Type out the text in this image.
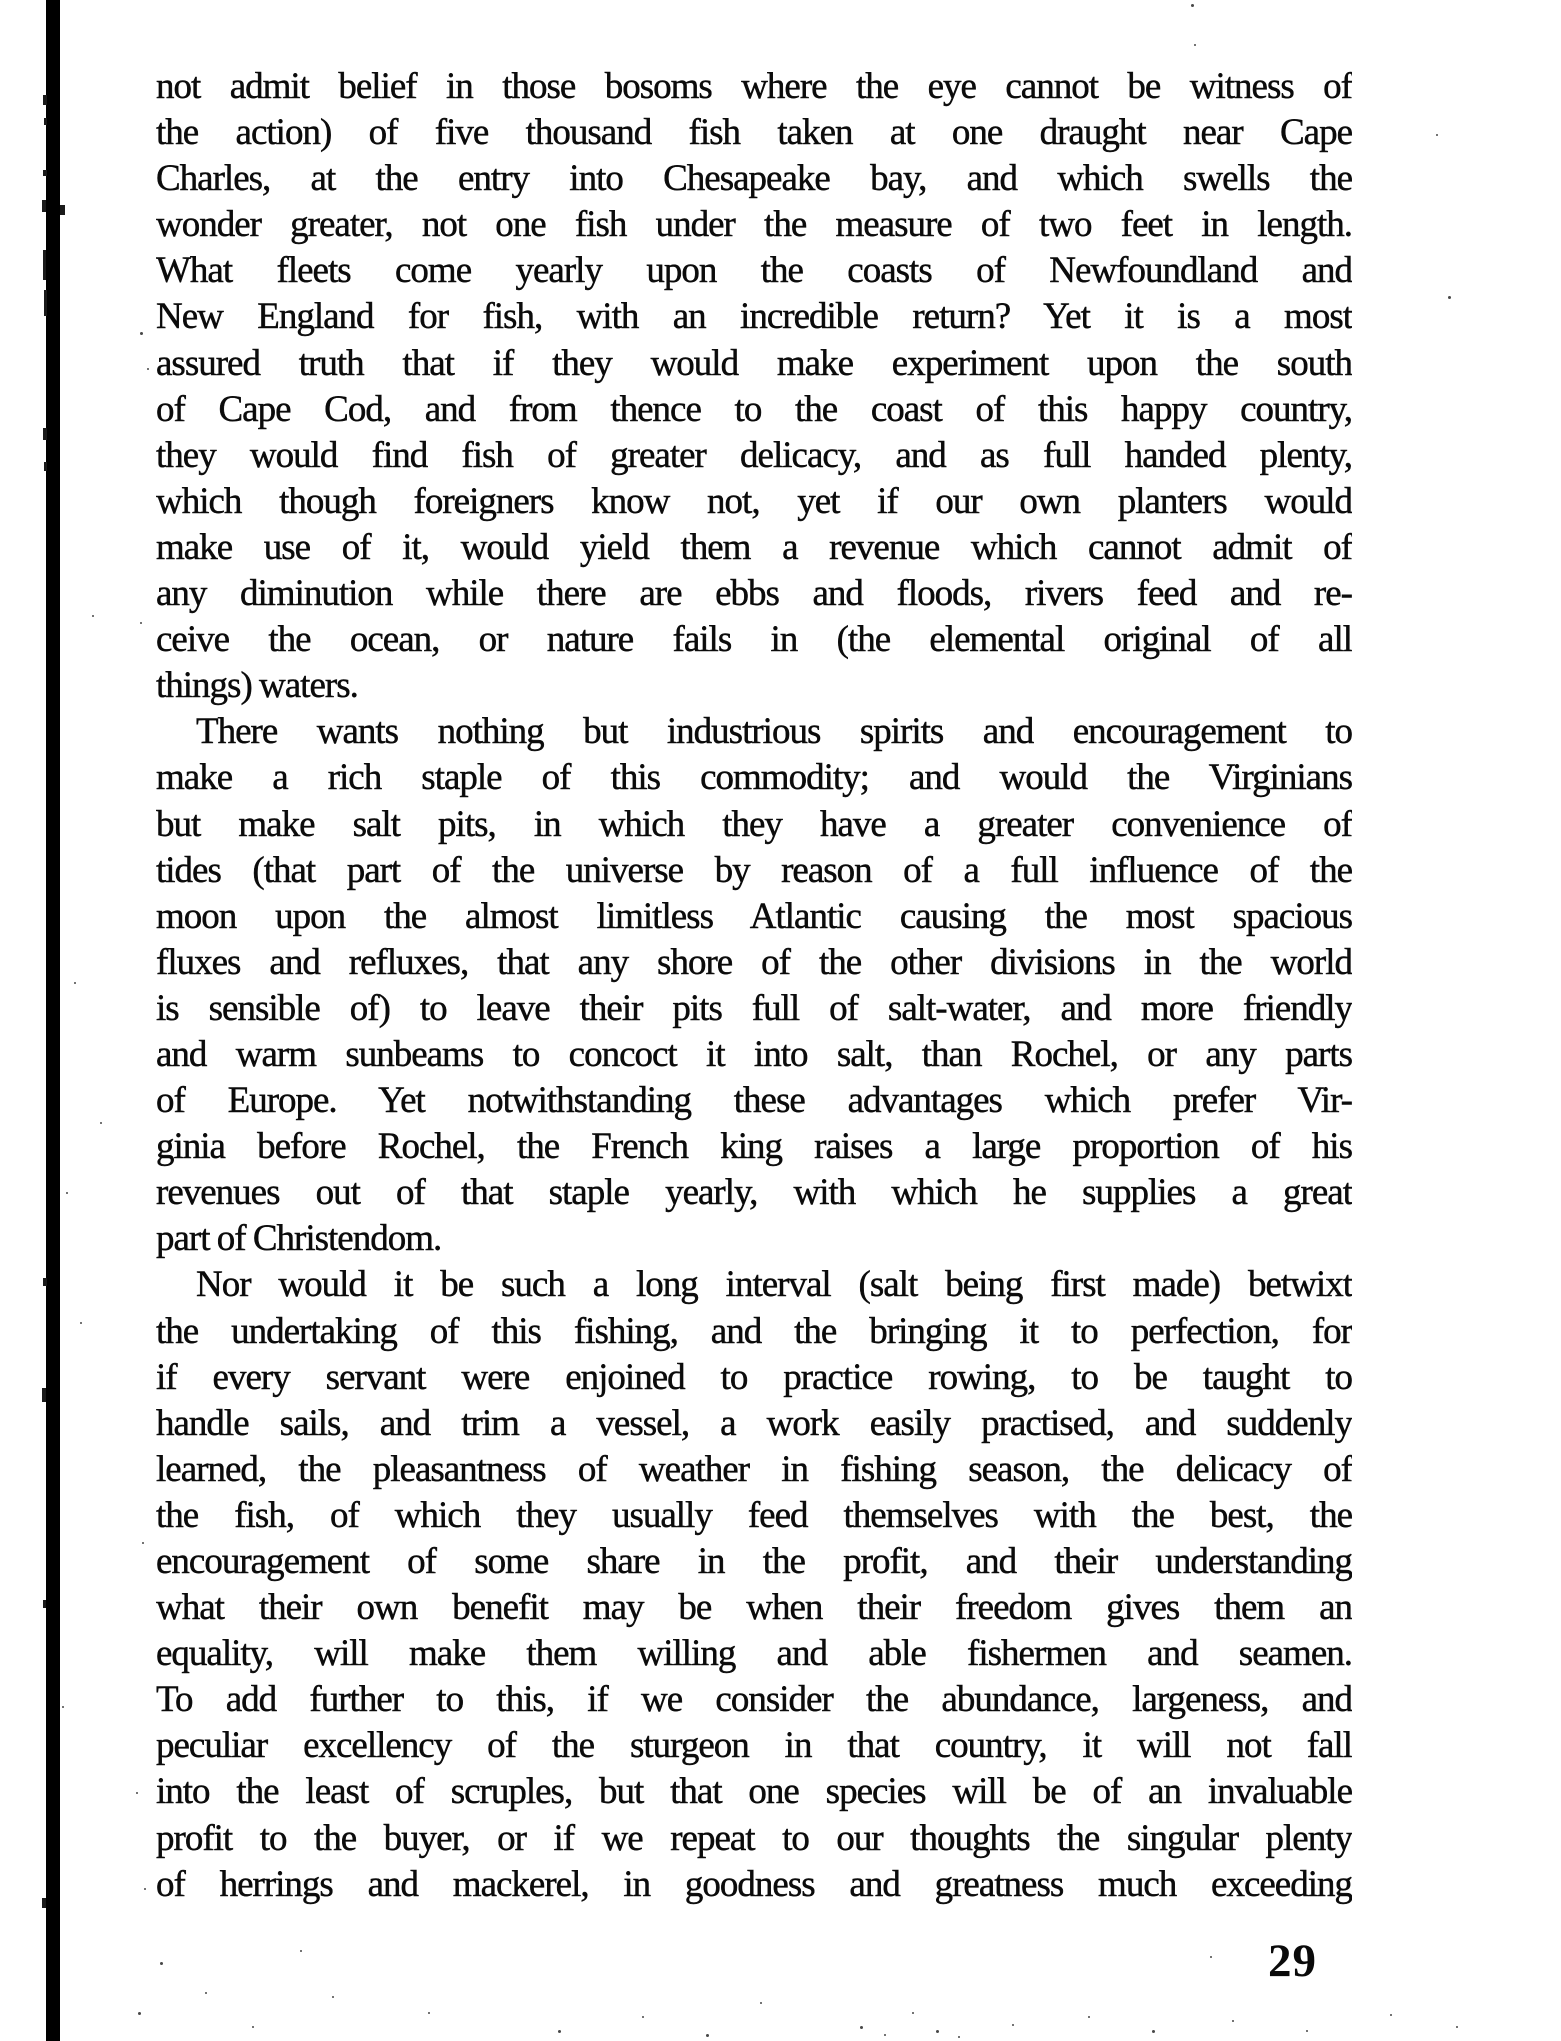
not admit belief in those bosoms where the eye cannot be witness of
the action) of five thousand fish taken at one draught near Cape
Charles, at the entry into Chesapeake bay, and which swells the
wonder greater, not one fish under the measure of two feet in length.
What fleets come yearly upon the coasts of Newfoundland and
New England for fish, with an incredible return? Yet it is a most
assured truth that if they would make experiment upon the south
of Cape Cod, and from thence to the coast of this happy country,
they would find fish of greater delicacy, and as full handed plenty,
which though foreigners know not, yet if our own planters would
make use of it, would yield them a revenue which cannot admit of
any diminution while there are ebbs and floods, rivers feed and re-
ceive the ocean, or nature fails in (the elemental original of all
things) waters.
There wants nothing but industrious spirits and encouragement to
make a rich staple of this commodity; and would the Virginians
but make salt pits, in which they have a greater convenience of
tides (that part of the universe by reason of a full influence of the
moon upon the almost limitless Atlantic causing the most spacious
fluxes and refluxes, that any shore of the other divisions in the world
is sensible of) to leave their pits full of salt-water, and more friendly
and warm sunbeams to concoct it into salt, than Rochel, or any parts
of Europe. Yet notwithstanding these advantages which prefer Vir-
ginia before Rochel, the French king raises a large proportion of his
revenues out of that staple yearly, with which he supplies a great
part of Christendom.
Nor would it be such a long interval (salt being first made) betwixt
the undertaking of this fishing, and the bringing it to perfection, for
if every servant were enjoined to practice rowing, to be taught to
handle sails, and trim a vessel, a work easily practised, and suddenly
learned, the pleasantness of weather in fishing season, the delicacy of
the fish, of which they usually feed themselves with the best, the
encouragement of some share in the profit, and their understanding
what their own benefit may be when their freedom gives them an
equality, will make them willing and able fishermen and seamen.
To add further to this, if we consider the abundance, largeness, and
peculiar excellency of the sturgeon in that country, it will not fall
into the least of scruples, but that one species will be of an invaluable
profit to the buyer, or if we repeat to our thoughts the singular plenty
of herrings and mackerel, in goodness and greatness much exceeding
29
